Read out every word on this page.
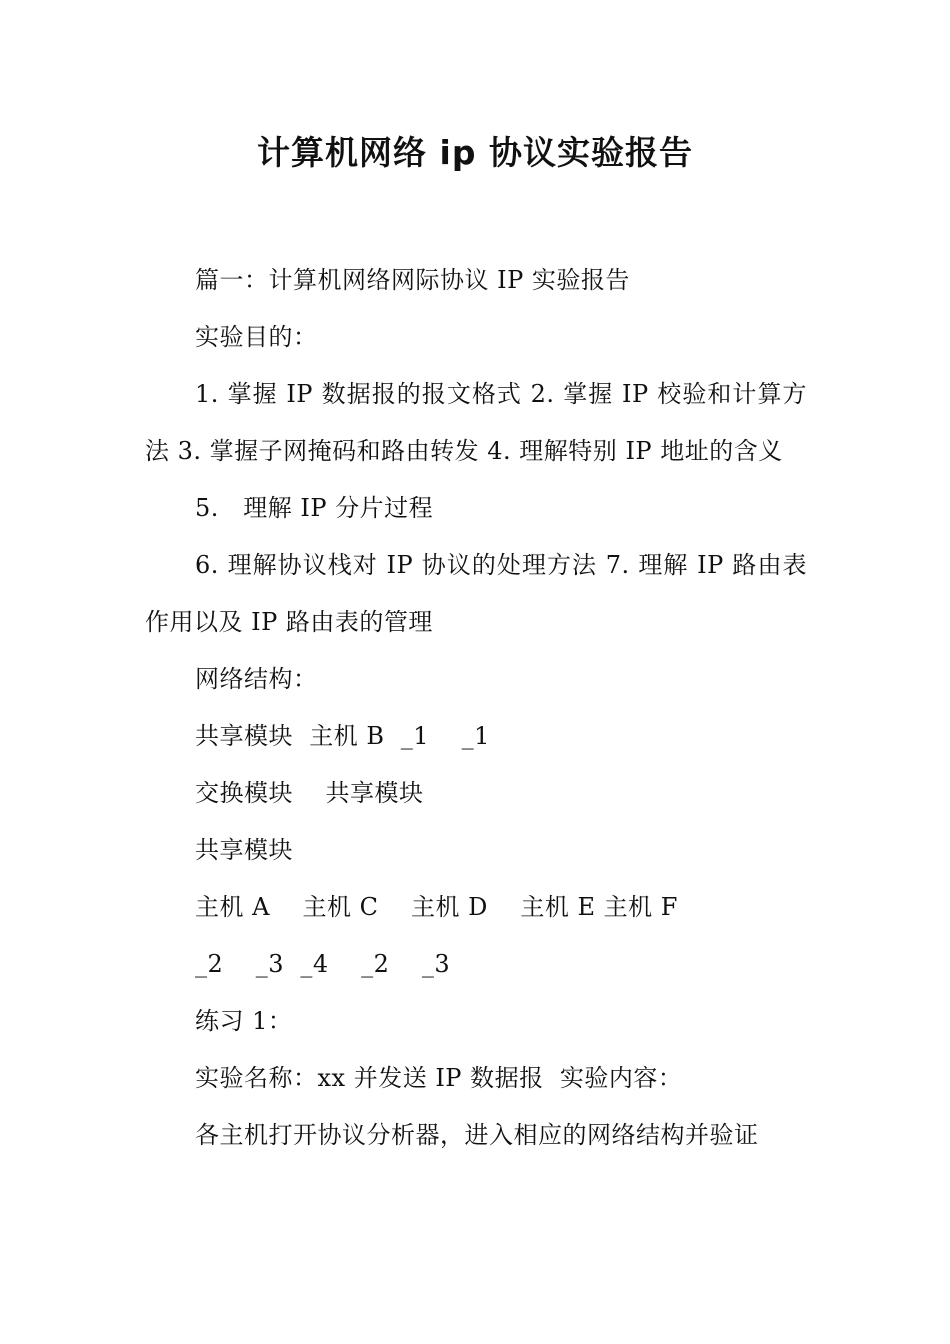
计算机网络 ip 协议实验报告

篇一：计算机网络网际协议 IP 实验报告

实验目的：

1. 掌握 IP 数据报的报文格式 2. 掌握 IP 校验和计算方法 3. 掌握子网掩码和路由转发 4. 理解特别 IP 地址的含义

5.   理解 IP 分片过程

6. 理解协议栈对 IP 协议的处理方法 7. 理解 IP 路由表作用以及 IP 路由表的管理

网络结构：

共享模块  主机 B  _1    _1

交换模块    共享模块

共享模块

主机 A    主机 C    主机 D    主机 E 主机 F

_2    _3  _4    _2    _3

练习 1：

实验名称：xx 并发送 IP 数据报  实验内容：

各主机打开协议分析器，进入相应的网络结构并验证
